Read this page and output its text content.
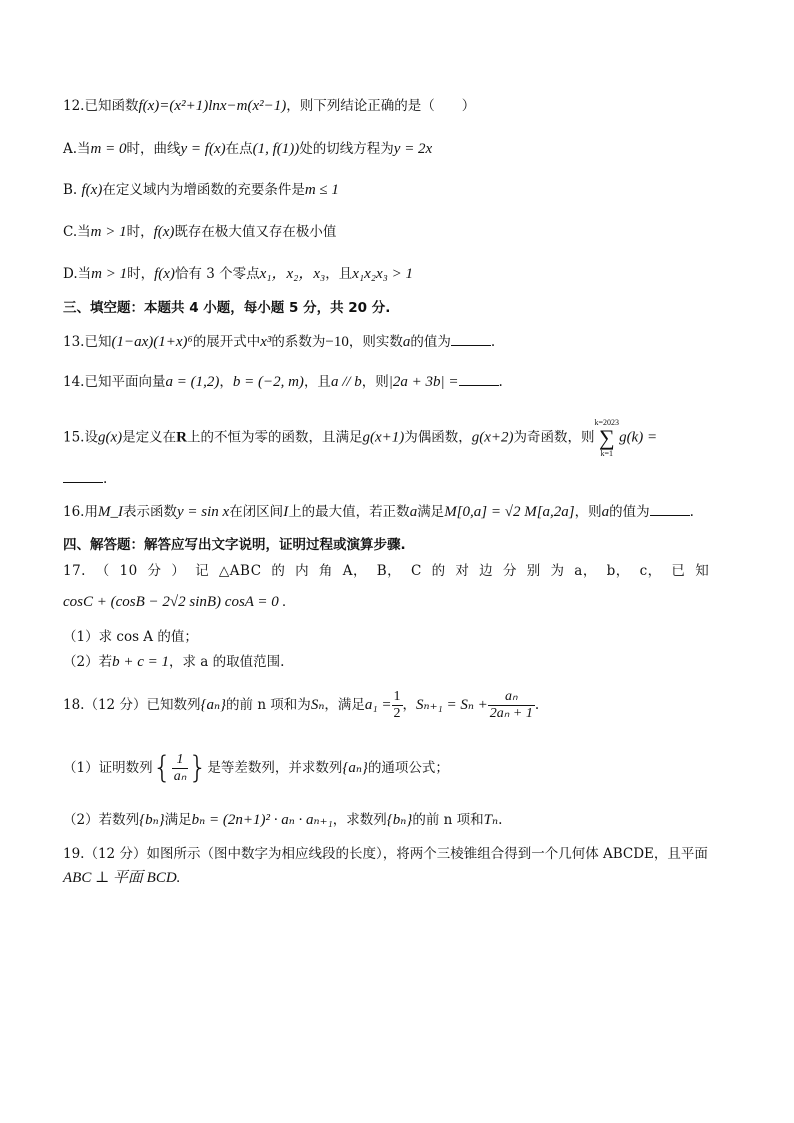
12.已知函数f(x)=(x²+1)lnx−m(x²−1)，则下列结论正确的是（　　）
A.当m = 0时，曲线y = f(x)在点(1, f(1))处的切线方程为y = 2x
B. f(x)在定义域内为增函数的充要条件是m ≤ 1
C.当m > 1时，f(x)既存在极大值又存在极小值
D.当m > 1时，f(x)恰有 3 个零点x₁，x₂，x₃，且x₁x₂x₃ > 1
三、填空题：本题共 4 小题，每小题 5 分，共 20 分.
13.已知(1−ax)(1+x)⁶的展开式中x³的系数为−10，则实数a的值为	.
14.已知平面向量a = (1,2)，b = (−2, m)，且a // b，则|2a + 3b| =	.
15.设g(x)是定义在R上的不恒为零的函数，且满足g(x+1)为偶函数，g(x+2)为奇函数，则
k=2023
∑
k=1
g(k) =
.
16.用M_I表示函数y = sin x在闭区间I上的最大值，若正数a满足M[0,a] = √2 M[a,2a]，则a的值为	.
四、解答题：解答应写出文字说明，证明过程或演算步骤.
17. （ 10 分 ） 记 △ABC 的 内 角 A， B， C 的 对 边 分 别 为 a， b， c， 已 知
cosC + (cosB − 2√2 sinB) cosA = 0 .
（1）求 cos A 的值；
（2）若b + c = 1，求 a 的取值范围.
18.（12 分）已知数列{aₙ}的前 n 项和为Sₙ，满足$a_1 = \frac{1}{2}$ ，$S_{n+1} = S_n + \frac{\text{aₙ}}{\text{2aₙ + 1}}$ .
（1）证明数列{ $\frac{1}{\text{aₙ}}$ }是等差数列，并求数列{aₙ}的通项公式；
（2）若数列{bₙ}满足bₙ = (2n+1)² · aₙ · aₙ₊₁，求数列{bₙ}的前 n 项和Tₙ.
19.（12 分）如图所示（图中数字为相应线段的长度），将两个三棱锥组合得到一个几何体 ABCDE，且平面
ABC ⊥ 平面 BCD.
